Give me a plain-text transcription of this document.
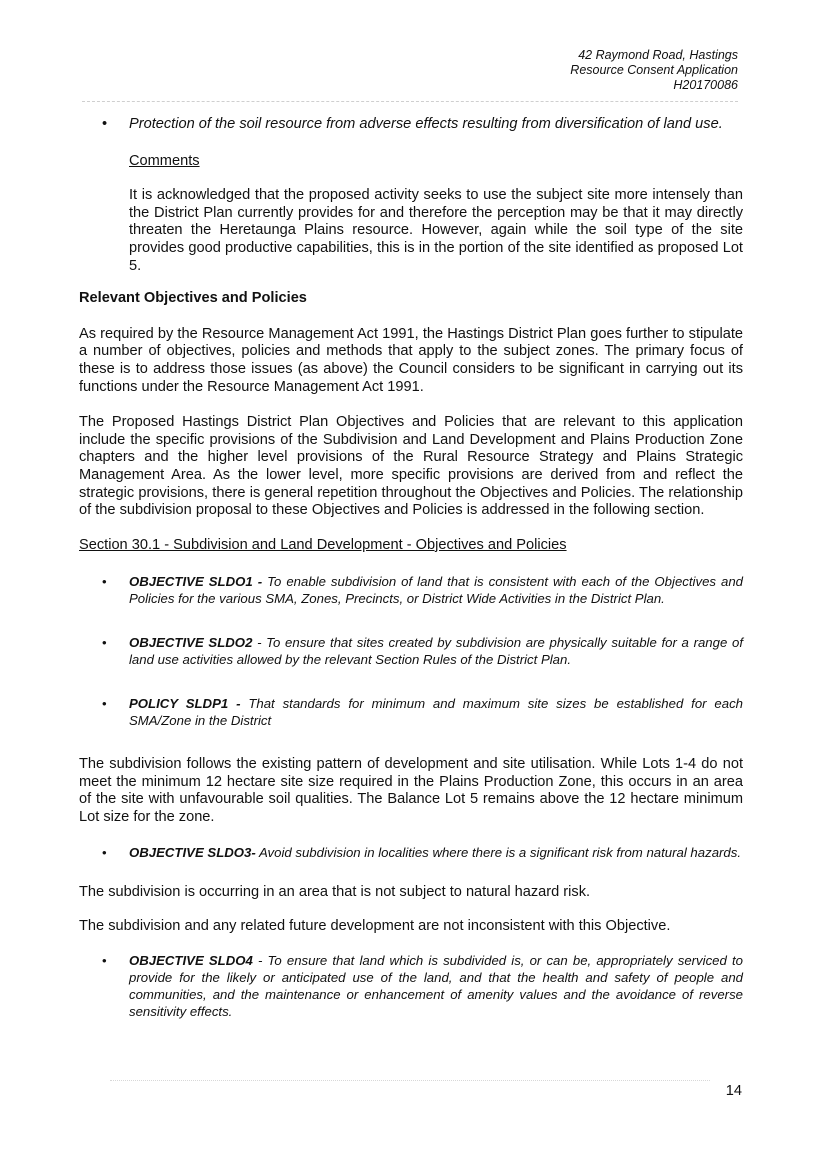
42 Raymond Road, Hastings
Resource Consent Application
H20170086

• Protection of the soil resource from adverse effects resulting from diversification of land use.

Comments

It is acknowledged that the proposed activity seeks to use the subject site more intensely than the District Plan currently provides for and therefore the perception may be that it may directly threaten the Heretaunga Plains resource. However, again while the soil type of the site provides good productive capabilities, this is in the portion of the site identified as proposed Lot 5.

Relevant Objectives and Policies

As required by the Resource Management Act 1991, the Hastings District Plan goes further to stipulate a number of objectives, policies and methods that apply to the subject zones. The primary focus of these is to address those issues (as above) the Council considers to be significant in carrying out its functions under the Resource Management Act 1991.

The Proposed Hastings District Plan Objectives and Policies that are relevant to this application include the specific provisions of the Subdivision and Land Development and Plains Production Zone chapters and the higher level provisions of the Rural Resource Strategy and Plains Strategic Management Area. As the lower level, more specific provisions are derived from and reflect the strategic provisions, there is general repetition throughout the Objectives and Policies. The relationship of the subdivision proposal to these Objectives and Policies is addressed in the following section.

Section 30.1 - Subdivision and Land Development - Objectives and Policies

• OBJECTIVE SLDO1 - To enable subdivision of land that is consistent with each of the Objectives and Policies for the various SMA, Zones, Precincts, or District Wide Activities in the District Plan.
• OBJECTIVE SLDO2 - To ensure that sites created by subdivision are physically suitable for a range of land use activities allowed by the relevant Section Rules of the District Plan.
• POLICY SLDP1 - That standards for minimum and maximum site sizes be established for each SMA/Zone in the District

The subdivision follows the existing pattern of development and site utilisation. While Lots 1-4 do not meet the minimum 12 hectare site size required in the Plains Production Zone, this occurs in an area of the site with unfavourable soil qualities. The Balance Lot 5 remains above the 12 hectare minimum Lot size for the zone.

• OBJECTIVE SLDO3- Avoid subdivision in localities where there is a significant risk from natural hazards.

The subdivision is occurring in an area that is not subject to natural hazard risk.

The subdivision and any related future development are not inconsistent with this Objective.

• OBJECTIVE SLDO4 - To ensure that land which is subdivided is, or can be, appropriately serviced to provide for the likely or anticipated use of the land, and that the health and safety of people and communities, and the maintenance or enhancement of amenity values and the avoidance of reverse sensitivity effects.
14
